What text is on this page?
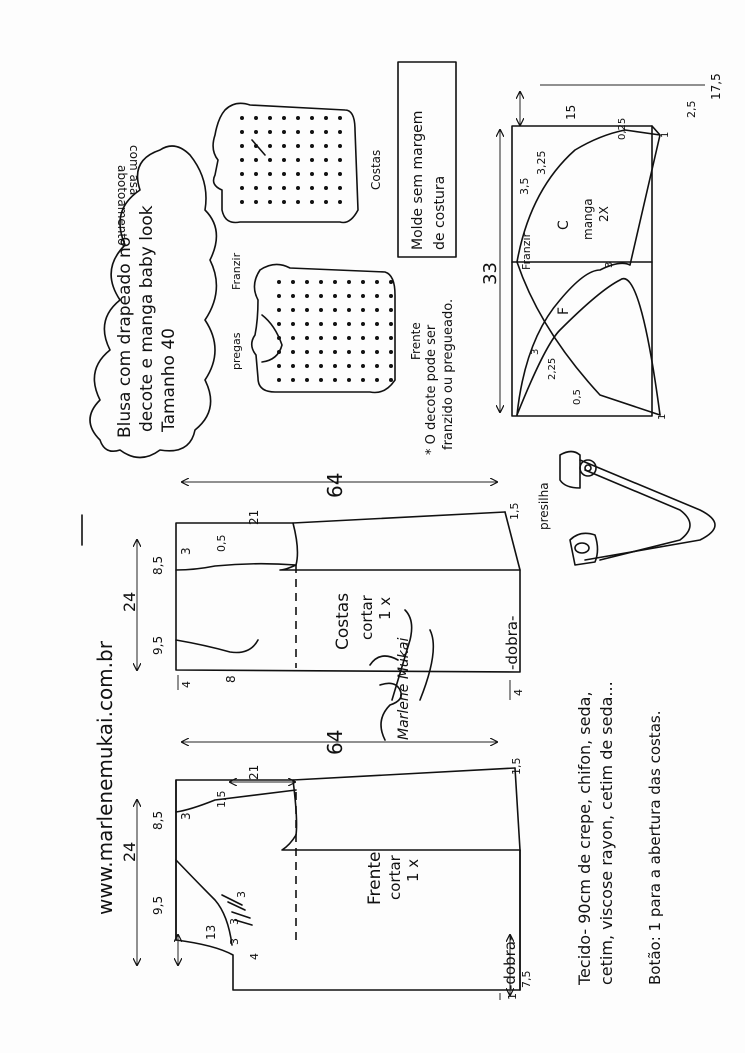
www.marlenemukai.com.br	Frente cortar 1 x
-dobra-
64
24
8,5
9,5
21
3
1,5
13
3
3
3
4
1,5
7,5
1
Costas cortar 1 x
-dobra-
64
24
8,5
9,5
21
3 0,5
8
4
1,5
4
Marlene Mukai
Blusa com drapeado no decote e manga baby look Tamanho 40
Costas
abotoamento
com asa
Franzir
pregas	Frente * O decote pode ser franzido ou pregueado.
Molde sem margem de costura
33
15
17,5
2,5
3,25
3,5
0,25
Franzir
C
F
manga 2X
3
2,25
0,5
1
1
3
presilha
Tecido- 90cm de crepe, chifon, seda, cetim, viscose rayon, cetim de seda... Botão: 1 para a abertura das costas.
